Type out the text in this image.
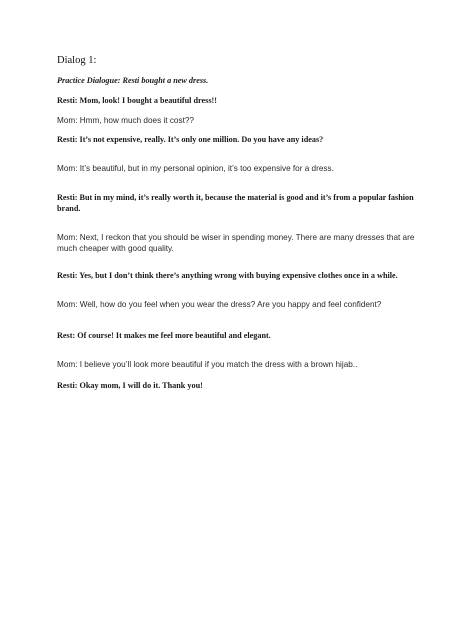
Dialog 1:

Practice Dialogue: Resti bought a new dress.

Resti: Mom, look! I bought a beautiful dress!!

Mom: Hmm, how much does it cost??

Resti: It’s not expensive, really. It’s only one million. Do you have any ideas?

Mom: It’s beautiful, but in my personal opinion, it’s too expensive for a dress.

Resti: But in my mind, it’s really worth it, because the material is good and it’s from a popular fashion brand.

Mom: Next, I reckon that you should be wiser in spending money. There are many dresses that are much cheaper with good quality.

Resti: Yes, but I don’t think there’s anything wrong with buying expensive clothes once in a while.

Mom: Well, how do you feel when you wear the dress? Are you happy and feel confident?

Rest: Of course! It makes me feel more beautiful and elegant.

Mom: I believe you’ll look more beautiful if you match the dress with a brown hijab..

Resti: Okay mom, I will do it. Thank you!
